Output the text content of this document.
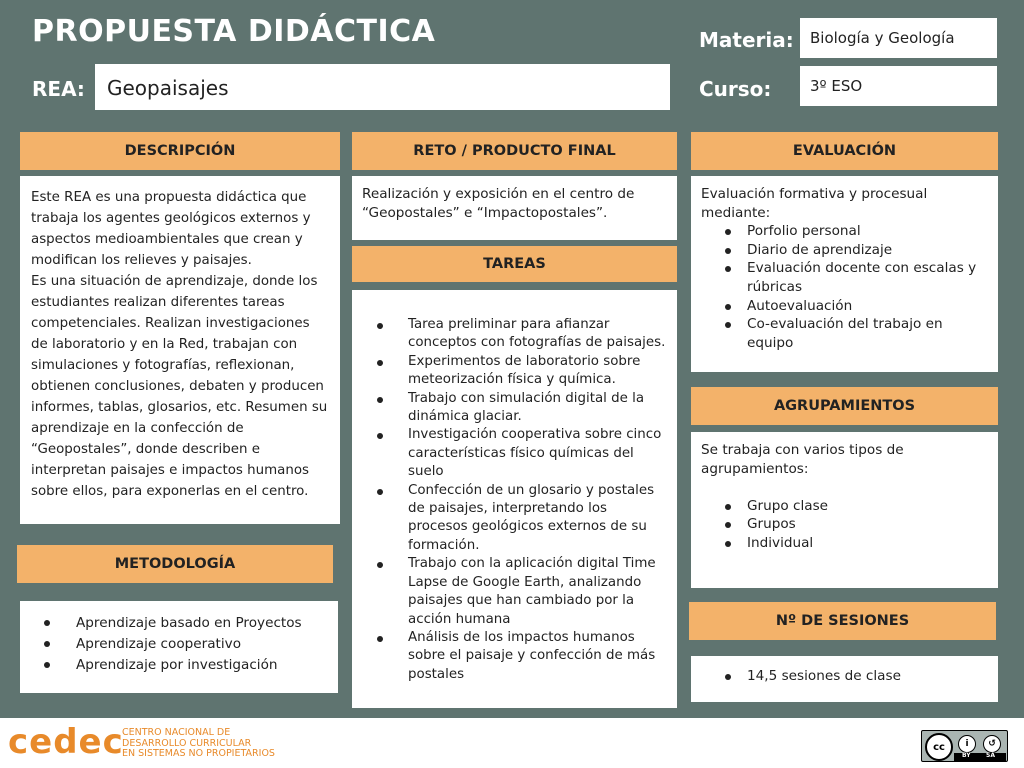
PROPUESTA DIDÁCTICA
REA: Geopaisajes
Materia: Biología y Geología
Curso:	3º ESO
DESCRIPCIÓN

Este REA es una propuesta didáctica que trabaja los agentes geológicos externos y aspectos medioambientales que crean y modifican los relieves y paisajes.

Es una situación de aprendizaje, donde los estudiantes realizan diferentes tareas competenciales. Realizan investigaciones de laboratorio y en la Red, trabajan con simulaciones y fotografías, reflexionan, obtienen conclusiones, debaten y producen informes, tablas, glosarios, etc. Resumen su aprendizaje en la confección de “Geopostales”, donde describen e interpretan paisajes e impactos humanos sobre ellos, para exponerlas en el centro.

METODOLOGÍA
Aprendizaje basado en Proyectos
Aprendizaje cooperativo
Aprendizaje por investigación
RETO / PRODUCTO FINAL

Realización y exposición en el centro de “Geopostales” e “Impactopostales”.

TAREAS
Tarea preliminar para afianzar conceptos con fotografías de paisajes.
Experimentos de laboratorio sobre meteorización física y química.
Trabajo con simulación digital de la dinámica glaciar.
Investigación cooperativa sobre cinco características físico químicas del suelo
Confección de un glosario y postales de paisajes, interpretando los procesos geológicos externos de su formación.
Trabajo con la aplicación digital Time Lapse de Google Earth, analizando paisajes que han cambiado por la acción humana
Análisis de los impactos humanos sobre el paisaje y confección de más postales
EVALUACIÓN

Evaluación formativa y procesual mediante:

Porfolio personal
Diario de aprendizaje
Evaluación docente con escalas y rúbricas
Autoevaluación
Co-evaluación del trabajo en equipo
AGRUPAMIENTOS

Se trabaja con varios tipos de agrupamientos:

Grupo clase
Grupos
Individual
Nº DE SESIONES
14,5 sesiones de clase
cedec
CENTRO NACIONAL DE
DESARROLLO CURRICULAR
EN SISTEMAS NO PROPIETARIOS
cc	i	↺
BY	SA
